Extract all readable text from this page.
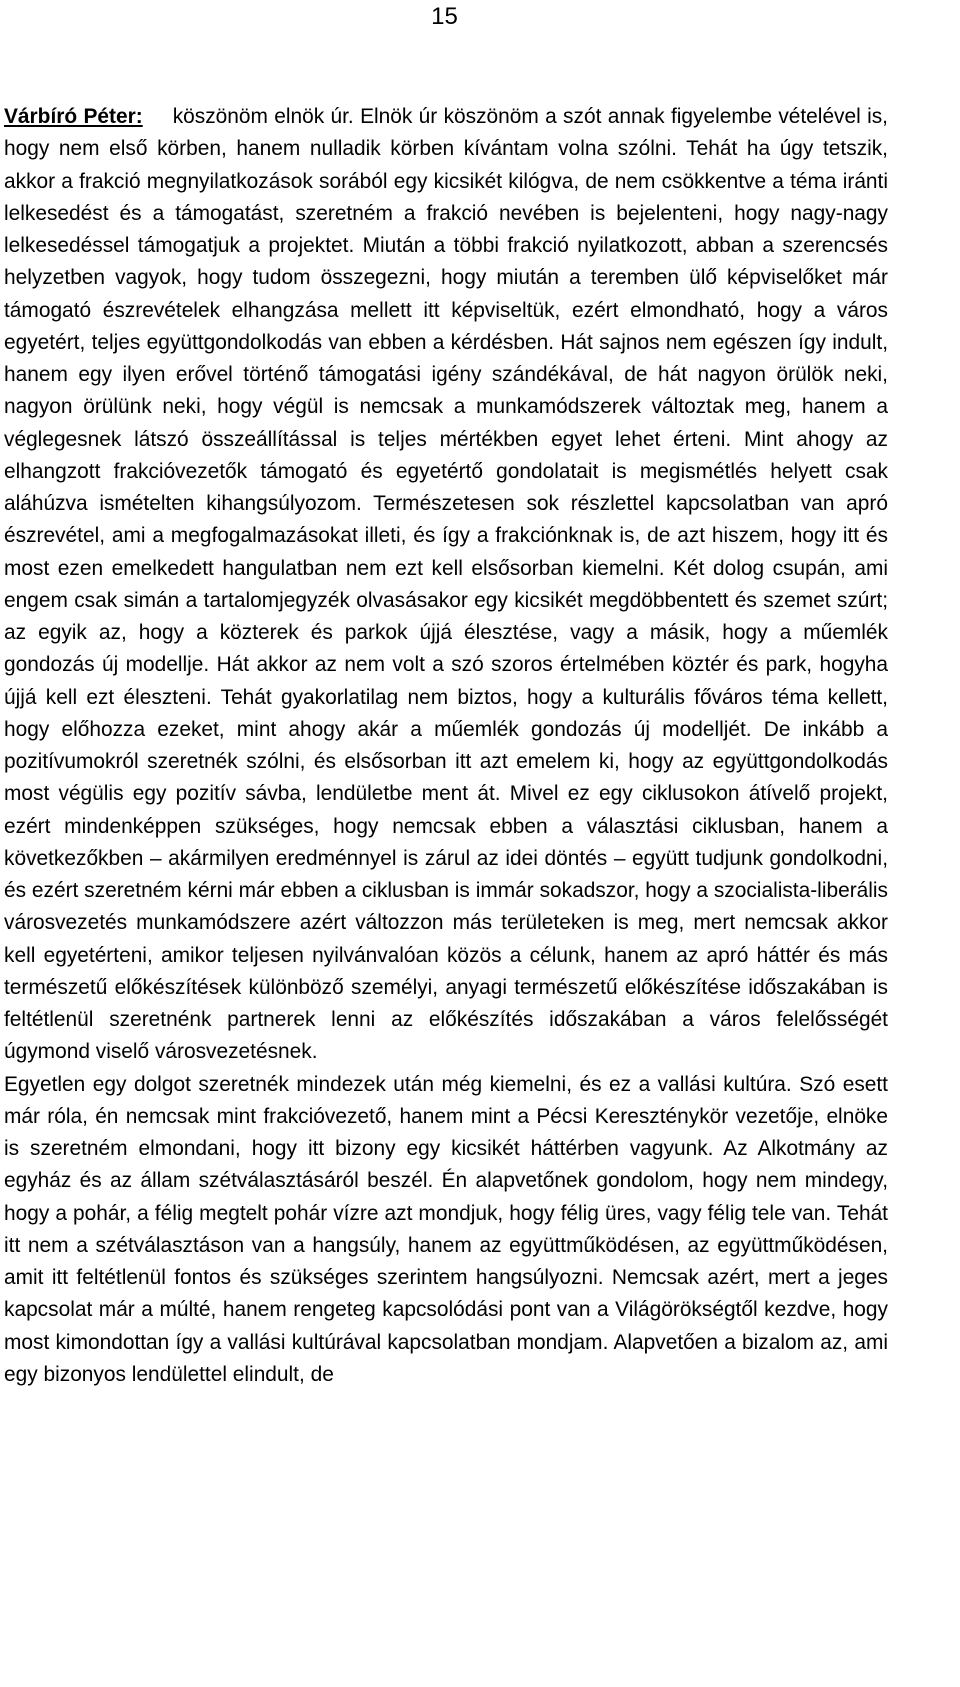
15

Várbíró Péter: köszönöm elnök úr. Elnök úr köszönöm a szót annak figyelembe vételével is, hogy nem első körben, hanem nulladik körben kívántam volna szólni. Tehát ha úgy tetszik, akkor a frakció megnyilatkozások sorából egy kicsikét kilógva, de nem csökkentve a téma iránti lelkesedést és a támogatást, szeretném a frakció nevében is bejelenteni, hogy nagy-nagy lelkesedéssel támogatjuk a projektet. Miután a többi frakció nyilatkozott, abban a szerencsés helyzetben vagyok, hogy tudom összegezni, hogy miután a teremben ülő képviselőket már támogató észrevételek elhangzása mellett itt képviseltük, ezért elmondható, hogy a város egyetért, teljes együttgondolkodás van ebben a kérdésben. Hát sajnos nem egészen így indult, hanem egy ilyen erővel történő támogatási igény szándékával, de hát nagyon örülök neki, nagyon örülünk neki, hogy végül is nemcsak a munkamódszerek változtak meg, hanem a véglegesnek látszó összeállítással is teljes mértékben egyet lehet érteni. Mint ahogy az elhangzott frakcióvezetők támogató és egyetértő gondolatait is megismétlés helyett csak aláhúzva ismételten kihangsúlyozom. Természetesen sok részlettel kapcsolatban van apró észrevétel, ami a megfogalmazásokat illeti, és így a frakciónknak is, de azt hiszem, hogy itt és most ezen emelkedett hangulatban nem ezt kell elsősorban kiemelni. Két dolog csupán, ami engem csak simán a tartalomjegyzék olvasásakor egy kicsikét megdöbbentett és szemet szúrt; az egyik az, hogy a közterek és parkok újjá élesztése, vagy a másik, hogy a műemlék gondozás új modellje. Hát akkor az nem volt a szó szoros értelmében köztér és park, hogyha újjá kell ezt éleszteni. Tehát gyakorlatilag nem biztos, hogy a kulturális főváros téma kellett, hogy előhozza ezeket, mint ahogy akár a műemlék gondozás új modelljét. De inkább a pozitívumokról szeretnék szólni, és elsősorban itt azt emelem ki, hogy az együttgondolkodás most végülis egy pozitív sávba, lendületbe ment át. Mivel ez egy ciklusokon átívelő projekt, ezért mindenképpen szükséges, hogy nemcsak ebben a választási ciklusban, hanem a következőkben – akármilyen eredménnyel is zárul az idei döntés – együtt tudjunk gondolkodni, és ezért szeretném kérni már ebben a ciklusban is immár sokadszor, hogy a szocialista-liberális városvezetés munkamódszere azért változzon más területeken is meg, mert nemcsak akkor kell egyetérteni, amikor teljesen nyilvánvalóan közös a célunk, hanem az apró háttér és más természetű előkészítések különböző személyi, anyagi természetű előkészítése időszakában is feltétlenül szeretnénk partnerek lenni az előkészítés időszakában a város felelősségét úgymond viselő városvezetésnek.

Egyetlen egy dolgot szeretnék mindezek után még kiemelni, és ez a vallási kultúra. Szó esett már róla, én nemcsak mint frakcióvezető, hanem mint a Pécsi Kereszténykör vezetője, elnöke is szeretném elmondani, hogy itt bizony egy kicsikét háttérben vagyunk. Az Alkotmány az egyház és az állam szétválasztásáról beszél. Én alapvetőnek gondolom, hogy nem mindegy, hogy a pohár, a félig megtelt pohár vízre azt mondjuk, hogy félig üres, vagy félig tele van. Tehát itt nem a szétválasztáson van a hangsúly, hanem az együttműködésen, az együttműködésen, amit itt feltétlenül fontos és szükséges szerintem hangsúlyozni. Nemcsak azért, mert a jeges kapcsolat már a múlté, hanem rengeteg kapcsolódási pont van a Világörökségtől kezdve, hogy most kimondottan így a vallási kultúrával kapcsolatban mondjam. Alapvetően a bizalom az, ami egy bizonyos lendülettel elindult, de
